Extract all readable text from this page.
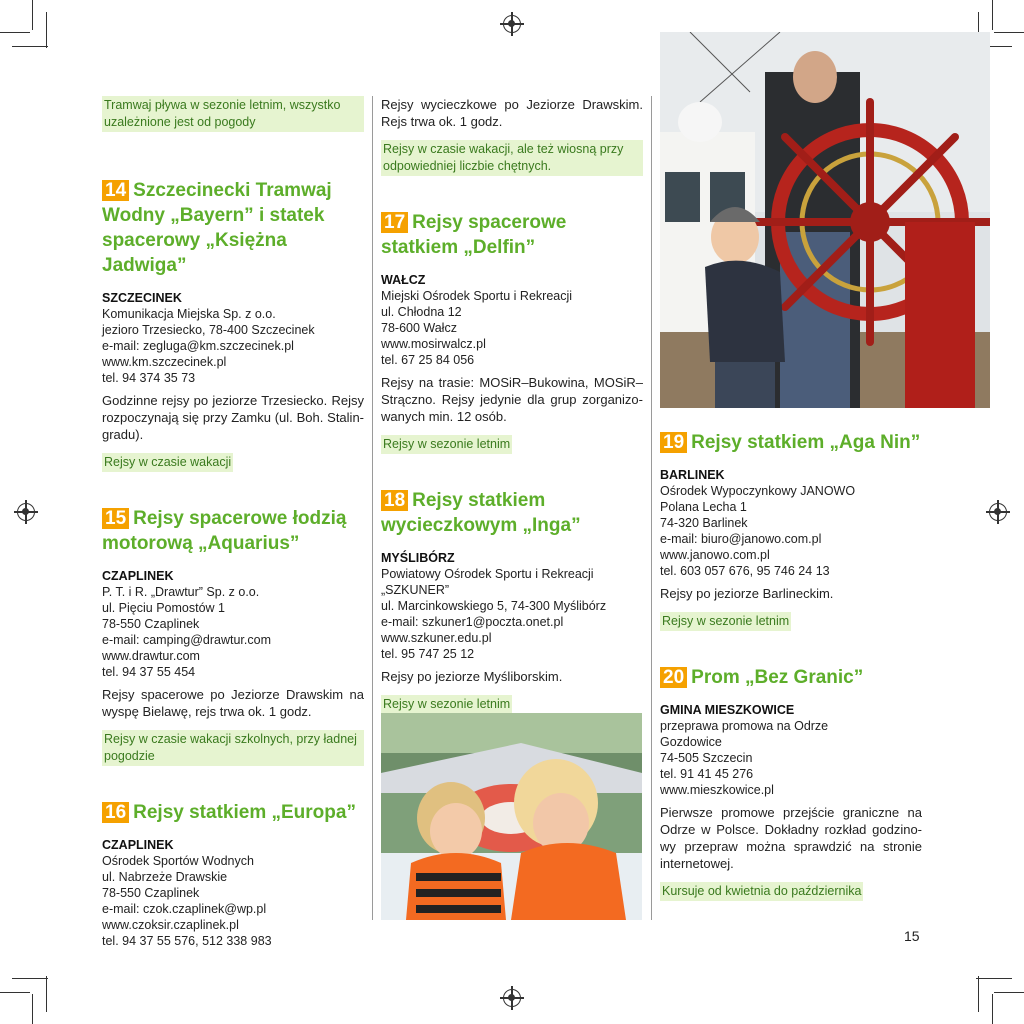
Tramwaj pływa w sezonie letnim, wszystko uzależnione jest od pogody
14 Szczecinecki Tramwaj Wodny „Bayern” i statek spacerowy „Księżna Jadwiga”
SZCZECINEK
Komunikacja Miejska Sp. z o.o.
jezioro Trzesiecko, 78-400 Szczecinek
e-mail: zegluga@km.szczecinek.pl
www.km.szczecinek.pl
tel. 94 374 35 73
Godzinne rejsy po jeziorze Trzesiecko. Rejsy rozpoczynają się przy Zamku (ul. Boh. Stalin-gradu).
Rejsy w czasie wakacji
15 Rejsy spacerowe łodzią motorową „Aquarius”
CZAPLINEK
P. T. i R. „Drawtur” Sp. z o.o.
ul. Pięciu Pomostów 1
78-550 Czaplinek
e-mail: camping@drawtur.com
www.drawtur.com
tel. 94 37 55 454
Rejsy spacerowe po Jeziorze Drawskim na wyspę Bielawę, rejs trwa ok. 1 godz.
Rejsy w czasie wakacji szkolnych, przy ładnej pogodzie
16 Rejsy statkiem „Europa”
CZAPLINEK
Ośrodek Sportów Wodnych
ul. Nabrzeże Drawskie
78-550 Czaplinek
e-mail: czok.czaplinek@wp.pl
www.czoksir.czaplinek.pl
tel. 94 37 55 576, 512 338 983
Rejsy wycieczkowe po Jeziorze Drawskim. Rejs trwa ok. 1 godz.
Rejsy w czasie wakacji, ale też wiosną przy odpowiedniej liczbie chętnych.
17 Rejsy spacerowe statkiem „Delfin”
WAŁCZ
Miejski Ośrodek Sportu i Rekreacji
ul. Chłodna 12
78-600 Wałcz
www.mosirwalcz.pl
tel. 67 25 84 056
Rejsy na trasie: MOSiR–Bukowina, MOSiR–Strączno. Rejsy jedynie dla grup zorganizo-wanych min. 12 osób.
Rejsy w sezonie letnim
18 Rejsy statkiem wycieczkowym „Inga”
MYŚLIBÓRZ
Powiatowy Ośrodek Sportu i Rekreacji
„SZKUNER”
ul. Marcinkowskiego 5, 74-300 Myślibórz
e-mail: szkuner1@poczta.onet.pl
www.szkuner.edu.pl
tel. 95 747 25 12
Rejsy po jeziorze Myśliborskim.
Rejsy w sezonie letnim
19 Rejsy statkiem „Aga Nin”
BARLINEK
Ośrodek Wypoczynkowy JANOWO
Polana Lecha 1
74-320 Barlinek
e-mail: biuro@janowo.com.pl
www.janowo.com.pl
tel. 603 057 676, 95 746 24 13
Rejsy po jeziorze Barlineckim.
Rejsy w sezonie letnim
20 Prom „Bez Granic”
GMINA MIESZKOWICE
przeprawa promowa na Odrze
Gozdowice
74-505 Szczecin
tel. 91 41 45 276
www.mieszkowice.pl
Pierwsze promowe przejście graniczne na Odrze w Polsce. Dokładny rozkład godzino-wy przepraw można sprawdzić na stronie internetowej.
Kursuje od kwietnia do października
15
